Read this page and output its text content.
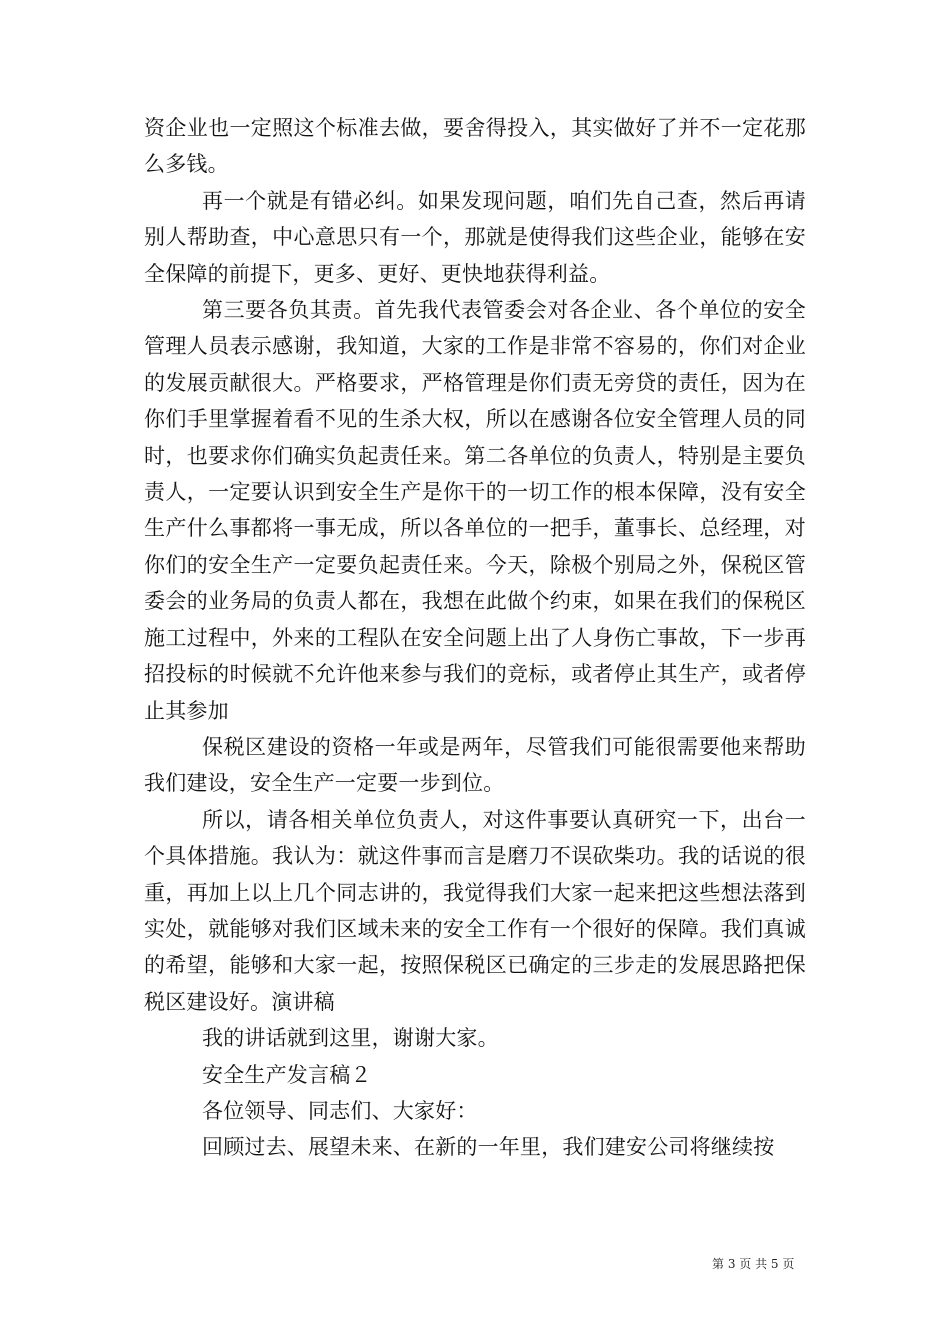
资企业也一定照这个标准去做，要舍得投入，其实做好了并不一定花那么多钱。

再一个就是有错必纠。如果发现问题，咱们先自己查，然后再请别人帮助查，中心意思只有一个，那就是使得我们这些企业，能够在安全保障的前提下，更多、更好、更快地获得利益。

第三要各负其责。首先我代表管委会对各企业、各个单位的安全管理人员表示感谢，我知道，大家的工作是非常不容易的，你们对企业的发展贡献很大。严格要求，严格管理是你们责无旁贷的责任，因为在你们手里掌握着看不见的生杀大权，所以在感谢各位安全管理人员的同时，也要求你们确实负起责任来。第二各单位的负责人，特别是主要负责人，一定要认识到安全生产是你干的一切工作的根本保障，没有安全生产什么事都将一事无成，所以各单位的一把手，董事长、总经理，对你们的安全生产一定要负起责任来。今天，除极个别局之外，保税区管委会的业务局的负责人都在，我想在此做个约束，如果在我们的保税区施工过程中，外来的工程队在安全问题上出了人身伤亡事故，下一步再招投标的时候就不允许他来参与我们的竞标，或者停止其生产，或者停止其参加

保税区建设的资格一年或是两年，尽管我们可能很需要他来帮助我们建设，安全生产一定要一步到位。

所以，请各相关单位负责人，对这件事要认真研究一下，出台一个具体措施。我认为：就这件事而言是磨刀不误砍柴功。我的话说的很重，再加上以上几个同志讲的，我觉得我们大家一起来把这些想法落到实处，就能够对我们区域未来的安全工作有一个很好的保障。我们真诚的希望，能够和大家一起，按照保税区已确定的三步走的发展思路把保税区建设好。演讲稿

我的讲话就到这里，谢谢大家。

安全生产发言稿２

各位领导、同志们、大家好：

回顾过去、展望未来、在新的一年里，我们建安公司将继续按

第 3 页 共 5 页
